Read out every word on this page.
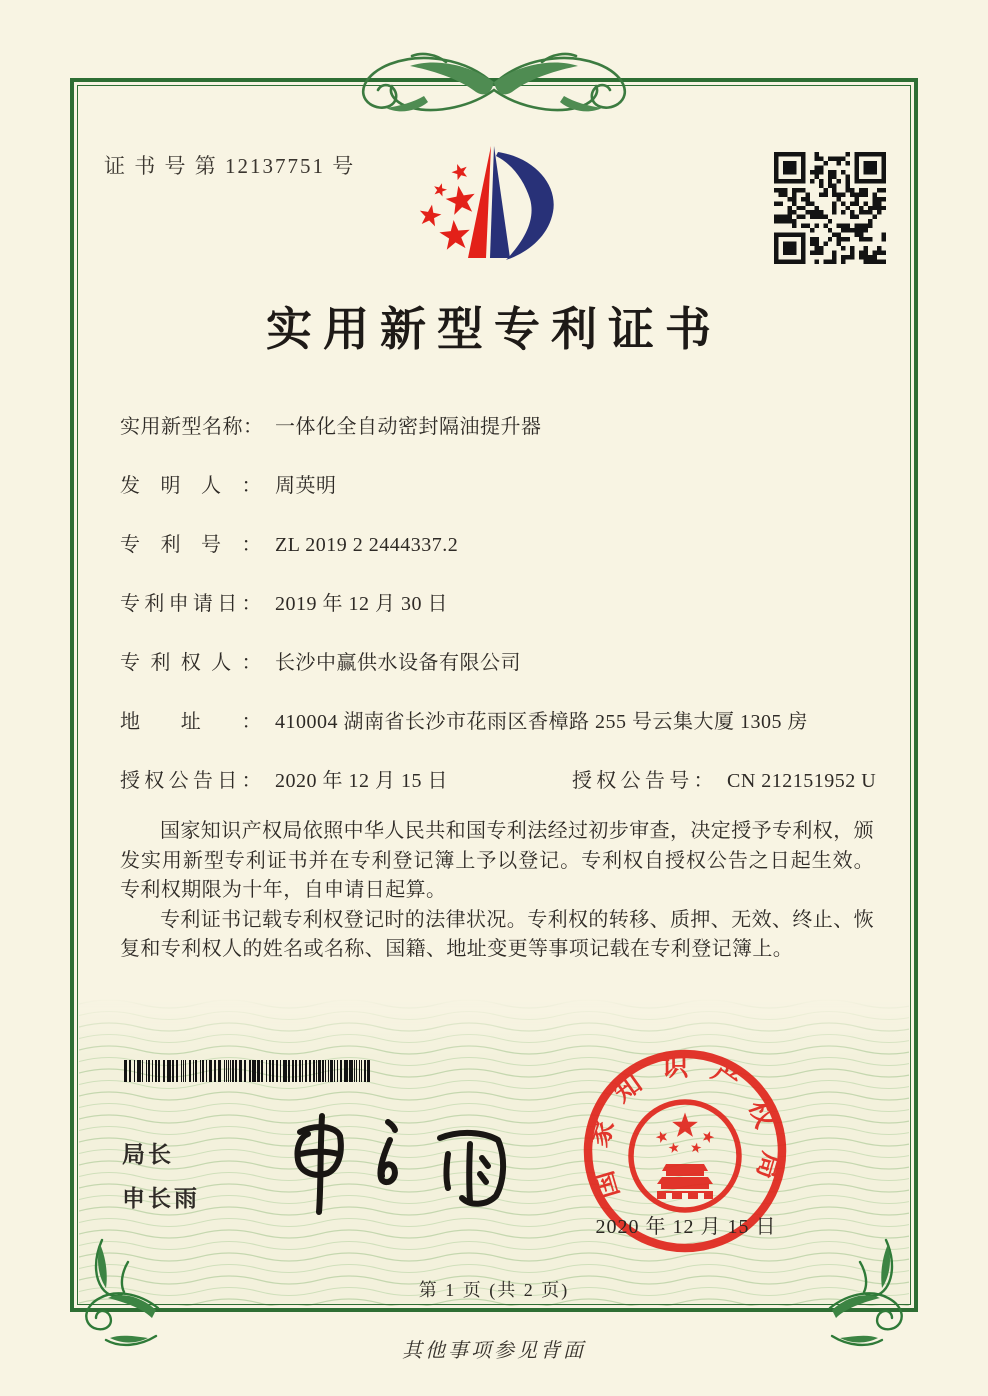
证 书 号 第 12137751 号
实用新型专利证书
实用新型名称： 一体化全自动密封隔油提升器
发明人： 周英明
专利号： ZL 2019 2 2444337.2
专利申请日： 2019 年 12 月 30 日
专利权人： 长沙中赢供水设备有限公司
地址： 410004 湖南省长沙市花雨区香樟路 255 号云集大厦 1305 房
授权公告日： 2020 年 12 月 15 日	授权公告号： CN 212151952 U

国家知识产权局依照中华人民共和国专利法经过初步审查，决定授予专利权，颁发实用新型专利证书并在专利登记簿上予以登记。专利权自授权公告之日起生效。专利权期限为十年，自申请日起算。

专利证书记载专利权登记时的法律状况。专利权的转移、质押、无效、终止、恢复和专利权人的姓名或名称、国籍、地址变更等事项记载在专利登记簿上。

局长
申长雨	国家知识产权局
2020 年 12 月 15 日
第 1 页 (共 2 页)
其他事项参见背面
